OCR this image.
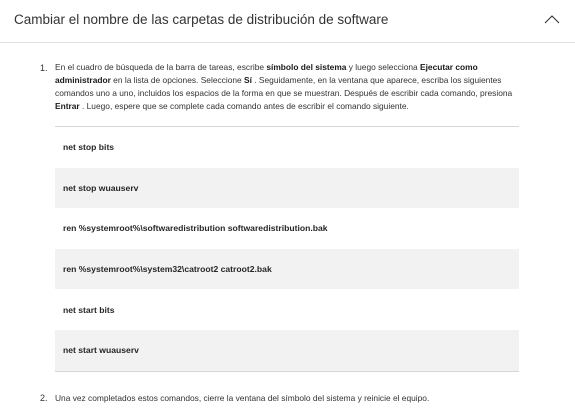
Cambiar el nombre de las carpetas de distribución de software
1. En el cuadro de búsqueda de la barra de tareas, escribe símbolo del sistema y luego selecciona Ejecutar como administrador en la lista de opciones. Seleccione Sí . Seguidamente, en la ventana que aparece, escriba los siguientes comandos uno a uno, incluidos los espacios de la forma en que se muestran. Después de escribir cada comando, presiona Entrar . Luego, espere que se complete cada comando antes de escribir el comando siguiente.
net stop bits
net stop wuauserv
ren %systemroot%\softwaredistribution softwaredistribution.bak
ren %systemroot%\system32\catroot2 catroot2.bak
net start bits
net start wuauserv
2. Una vez completados estos comandos, cierre la ventana del símbolo del sistema y reinicie el equipo.
